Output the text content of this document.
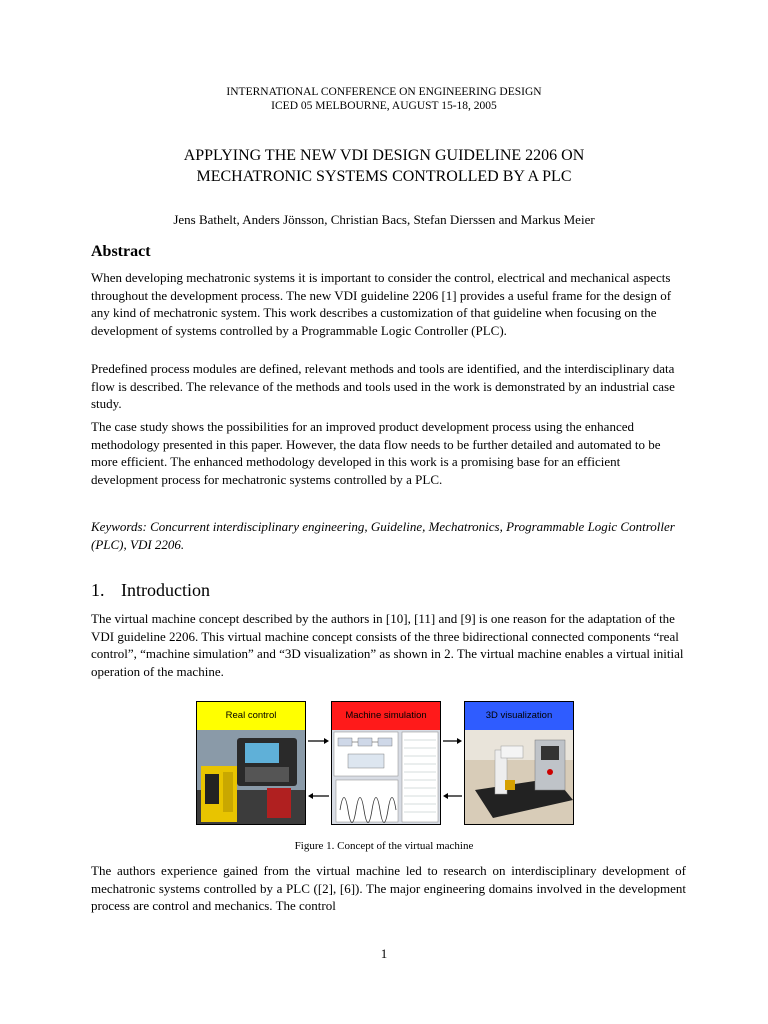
INTERNATIONAL CONFERENCE ON ENGINEERING DESIGN
ICED 05 MELBOURNE, AUGUST 15-18, 2005
APPLYING THE NEW VDI DESIGN GUIDELINE 2206 ON
MECHATRONIC SYSTEMS CONTROLLED BY A PLC
Jens Bathelt, Anders Jönsson, Christian Bacs, Stefan Dierssen and Markus Meier
Abstract
When developing mechatronic systems it is important to consider the control, electrical and mechanical aspects throughout the development process. The new VDI guideline 2206 [1] provides a useful frame for the design of any kind of mechatronic system. This work describes a customization of that guideline when focusing on the development of systems controlled by a Programmable Logic Controller (PLC).
Predefined process modules are defined, relevant methods and tools are identified, and the interdisciplinary data flow is described. The relevance of the methods and tools used in the work is demonstrated by an industrial case study.
The case study shows the possibilities for an improved product development process using the enhanced methodology presented in this paper. However, the data flow needs to be further detailed and automated to be more efficient. The enhanced methodology developed in this work is a promising base for an efficient development process for mechatronic systems controlled by a PLC.
Keywords: Concurrent interdisciplinary engineering, Guideline, Mechatronics, Programmable Logic Controller (PLC), VDI 2206.
1. Introduction
The virtual machine concept described by the authors in [10], [11] and [9] is one reason for the adaptation of the VDI guideline 2206. This virtual machine concept consists of the three bidirectional connected components “real control”, “machine simulation” and “3D visualization” as shown in 2. The virtual machine enables a virtual initial operation of the machine.
Real control	Machine simulation	3D visualization
Figure 1. Concept of the virtual machine
The authors experience gained from the virtual machine led to research on interdisciplinary development of mechatronic systems controlled by a PLC ([2], [6]). The major engineering domains involved in the development process are control and mechanics. The control
1
